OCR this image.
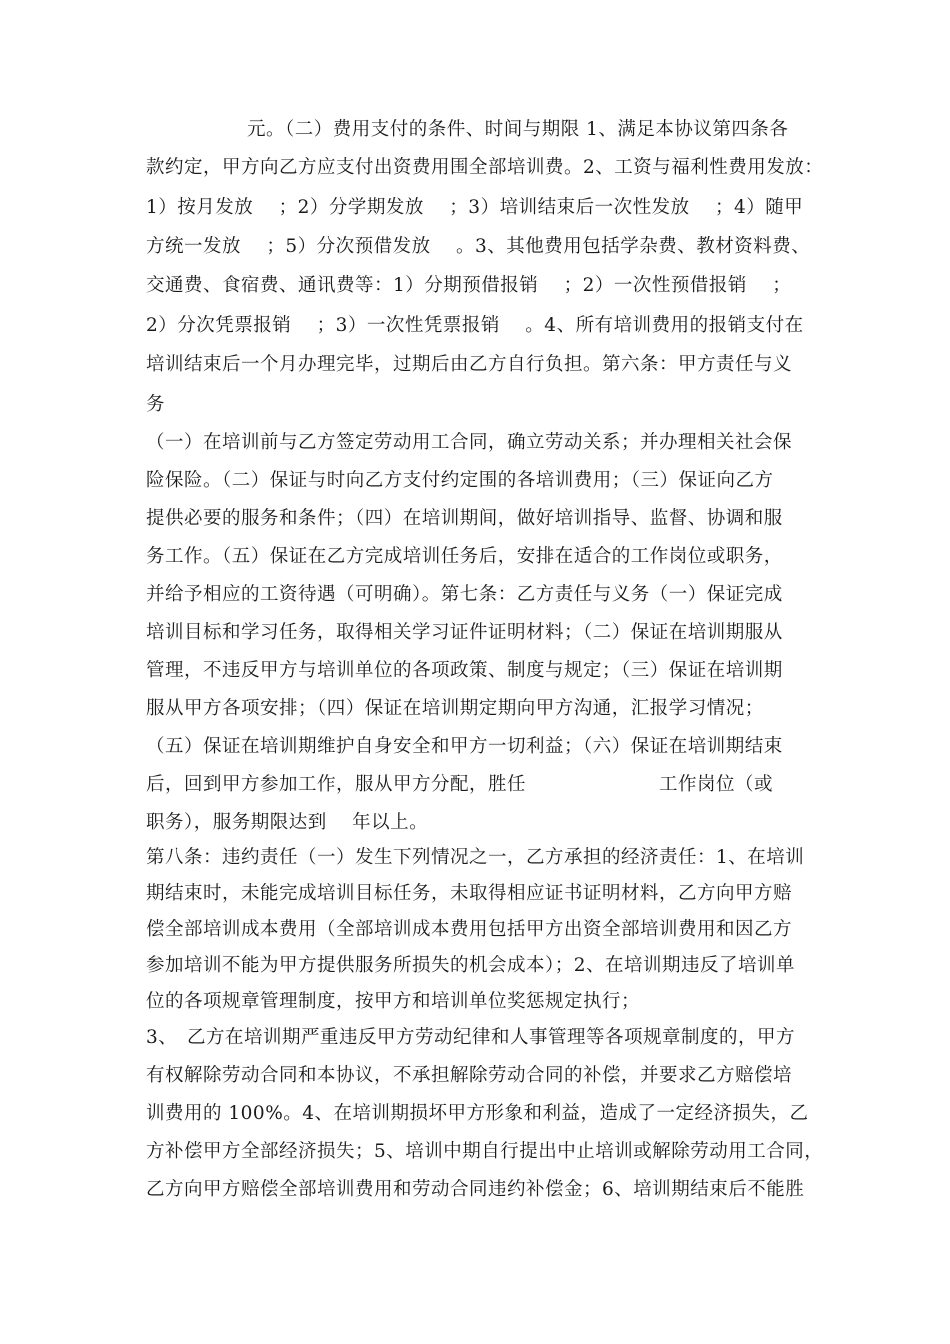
元。（二）费用支付的条件、时间与期限 1、满足本协议第四条各
款约定，甲方向乙方应支付出资费用围全部培训费。2、工资与福利性费用发放：
1）按月发放　 ；2）分学期发放　 ；3）培训结束后一次性发放　 ；4）随甲
方统一发放　 ；5）分次预借发放　 。3、其他费用包括学杂费、教材资料费、
交通费、食宿费、通讯费等：1）分期预借报销　 ；2）一次性预借报销　 ；
2）分次凭票报销　 ；3）一次性凭票报销　 。4、所有培训费用的报销支付在
培训结束后一个月办理完毕，过期后由乙方自行负担。第六条：甲方责任与义
务
（一）在培训前与乙方签定劳动用工合同，确立劳动关系；并办理相关社会保
险保险。（二）保证与时向乙方支付约定围的各培训费用；（三）保证向乙方
提供必要的服务和条件；（四）在培训期间，做好培训指导、监督、协调和服
务工作。（五）保证在乙方完成培训任务后，安排在适合的工作岗位或职务，
并给予相应的工资待遇（可明确）。第七条：乙方责任与义务（一）保证完成
培训目标和学习任务，取得相关学习证件证明材料；（二）保证在培训期服从
管理，不违反甲方与培训单位的各项政策、制度与规定；（三）保证在培训期
服从甲方各项安排；（四）保证在培训期定期向甲方沟通，汇报学习情况；
（五）保证在培训期维护自身安全和甲方一切利益；（六）保证在培训期结束
后，回到甲方参加工作，服从甲方分配，胜任　　　　　　　工作岗位（或
职务），服务期限达到　 年以上。
第八条：违约责任（一）发生下列情况之一，乙方承担的经济责任：1、在培训
期结束时，未能完成培训目标任务，未取得相应证书证明材料，乙方向甲方赔
偿全部培训成本费用（全部培训成本费用包括甲方出资全部培训费用和因乙方
参加培训不能为甲方提供服务所损失的机会成本）；2、在培训期违反了培训单
位的各项规章管理制度，按甲方和培训单位奖惩规定执行；
3、　乙方在培训期严重违反甲方劳动纪律和人事管理等各项规章制度的，甲方
有权解除劳动合同和本协议，不承担解除劳动合同的补偿，并要求乙方赔偿培
训费用的 100%。4、在培训期损坏甲方形象和利益，造成了一定经济损失，乙
方补偿甲方全部经济损失；5、培训中期自行提出中止培训或解除劳动用工合同，
乙方向甲方赔偿全部培训费用和劳动合同违约补偿金；6、培训期结束后不能胜
